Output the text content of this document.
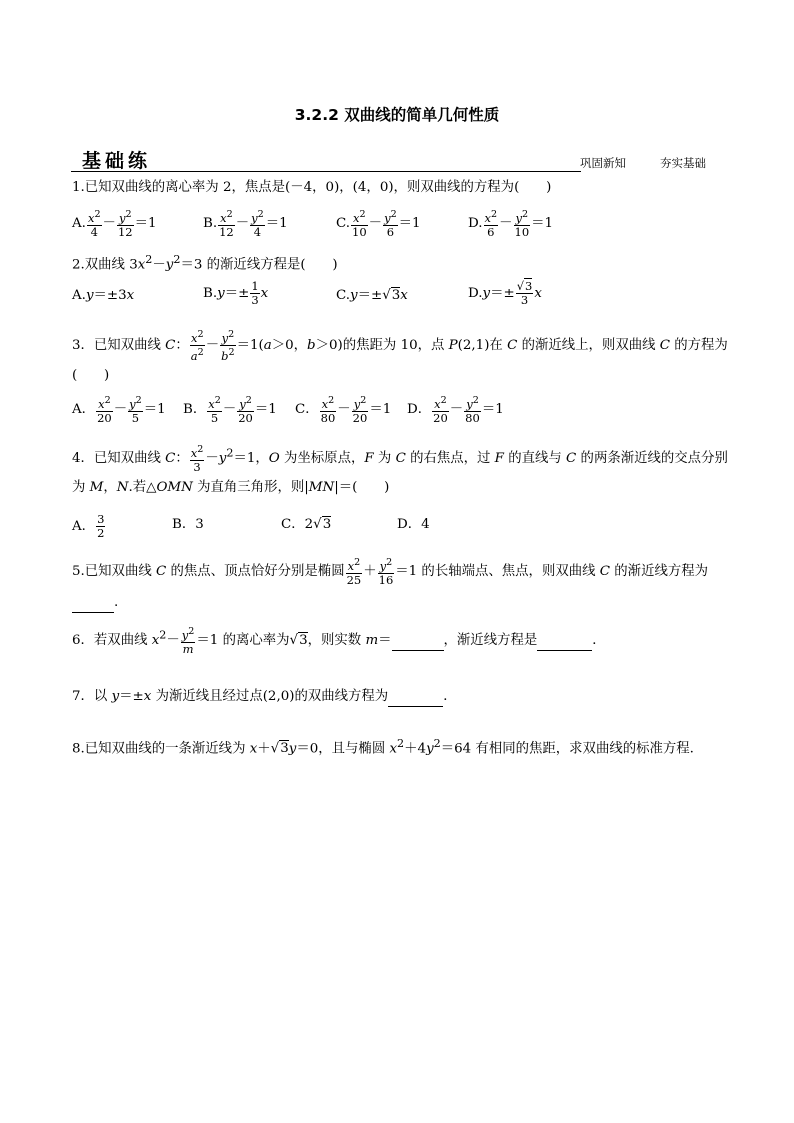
3.2.2 双曲线的简单几何性质
基础练	巩固新知	夯实基础
1.已知双曲线的离心率为 2，焦点是(－4，0)，(4，0)，则双曲线的方程为(　　)
A. $\frac{x^2}{4} - \frac{y^2}{12} =1$	B. $\frac{x^2}{12} - \frac{y^2}{4} =1$	C. $\frac{x^2}{10} - \frac{y^2}{6} =1$	D. $\frac{x^2}{6} - \frac{y^2}{10} =1$
2.双曲线 $3x^2-y^2=3$ 的渐近线方程是(　　)
A.y＝±3x	$B.y=\pm \frac{1}{3}$ x	C.y＝±√3x	$D.y=\pm \frac{√3}{3}$ x
3．已知双曲线 C： $\frac{x^2}{a^2} - \frac{y^2}{b^2} =1(a>0$，b＞0)的焦距为 10，点 P(2,1)在 C 的渐近线上，则双曲线 C 的方程为
(　　)
A． $\frac{x^2}{20} - \frac{y^2}{5} =1$ B． $\frac{x^2}{5} - \frac{y^2}{20} =1$ C． $\frac{x^2}{80} - \frac{y^2}{20} =1$ D． $\frac{x^2}{20} - \frac{y^2}{80} =1$
4．已知双曲线 C： $\frac{x^2}{3} -y^2=1$，O 为坐标原点，F 为 C 的右焦点，过 F 的直线与 C 的两条渐近线的交点分别
为 M，N.若△OMN 为直角三角形，则|MN|＝(　　)
A． $\frac{3}{2}$	B．3	C．2√3	D．4
5.已知双曲线 C 的焦点、顶点恰好分别是椭圆 $\frac{x^2}{25} + \frac{y^2}{16} =1$ 的长轴端点、焦点，则双曲线 C 的渐近线方程为
.
6．若双曲线 $x^2- \frac{y^2}{m} =1$ 的离心率为√3，则实数 m＝	，渐近线方程是	．
7．以 y＝±x 为渐近线且经过点(2,0)的双曲线方程为	．
8.已知双曲线的一条渐近线为 x＋√3y＝0，且与椭圆 $x^2+4y^2=64$ 有相同的焦距，求双曲线的标准方程.
